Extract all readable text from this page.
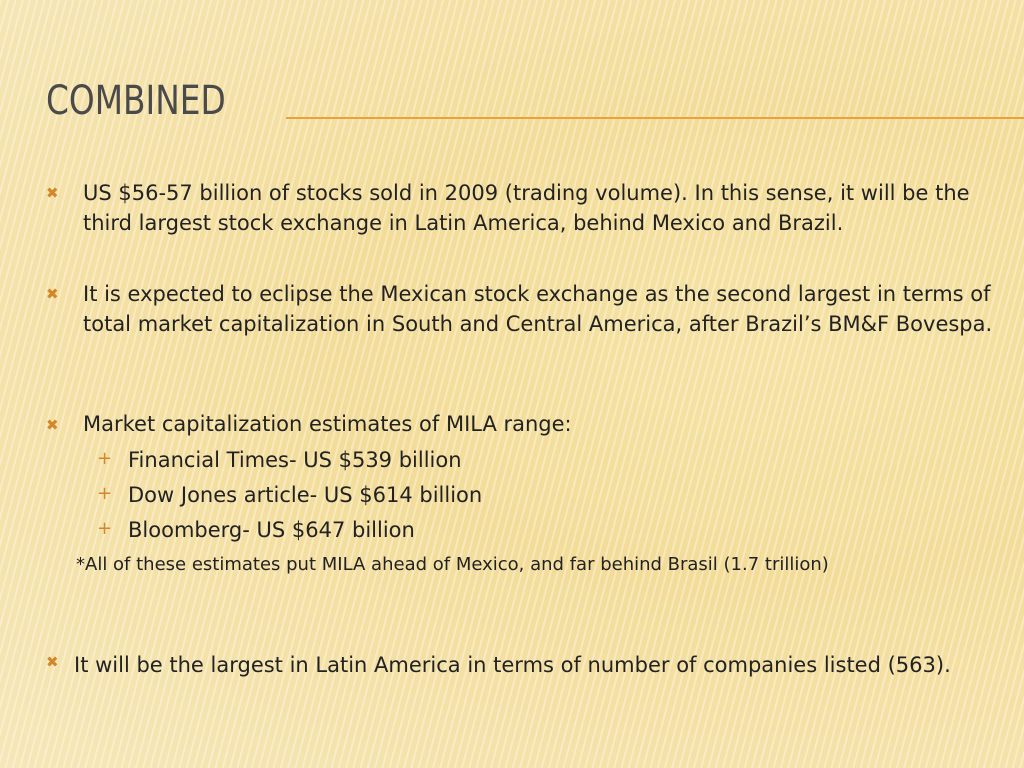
COMBINED
✖ US $56-57 billion of stocks sold in 2009 (trading volume). In this sense, it will be the third largest stock exchange in Latin America, behind Mexico and Brazil.
✖ It is expected to eclipse the Mexican stock exchange as the second largest in terms of total market capitalization in South and Central America, after Brazil’s BM&F Bovespa.
✖ Market capitalization estimates of MILA range:
+ Financial Times- US $539 billion
+ Dow Jones article- US $614 billion
+ Bloomberg- US $647 billion
*All of these estimates put MILA ahead of Mexico, and far behind Brasil (1.7 trillion)
✖ It will be the largest in Latin America in terms of number of companies listed (563).
